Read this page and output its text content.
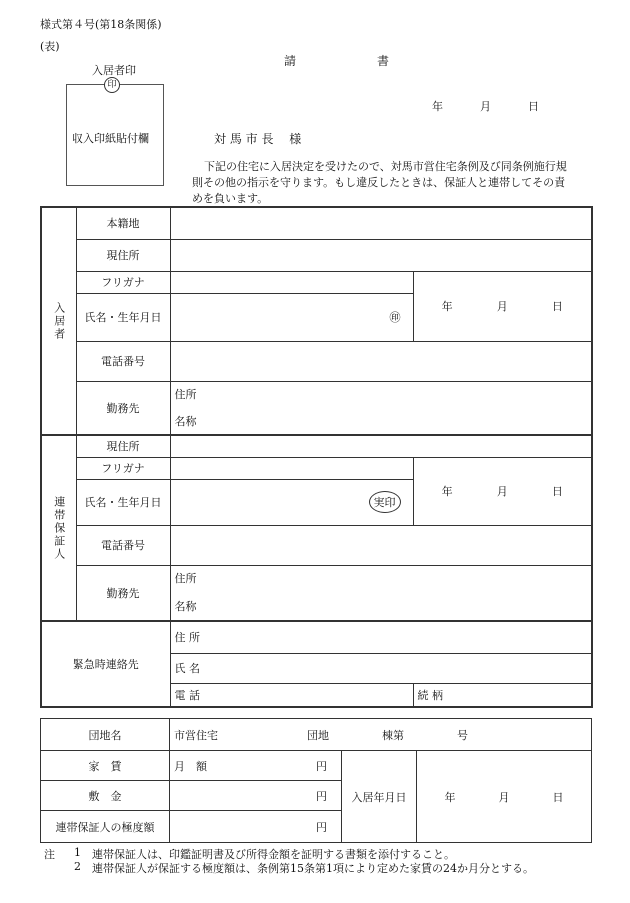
様式第４号(第18条関係)
(表)
請	書
入居者印
印
収入印紙貼付欄
年	月	日
対 馬 市 長　 様
下記の住宅に入居決定を受けたので、対馬市営住宅条例及び同条例施行規
則その他の指示を守ります。もし違反したときは、保証人と連帯してその責
めを負います。
入居者	本籍地		
	現住所		
	フリガナ		年 月 日

	氏名・生年月日	㊞	

	電話番号		
	勤務先	住所	
		名称	
連帯保証人	現住所		
	フリガナ		年 月 日

	氏名・生年月日	実印	

	電話番号		
	勤務先	住所	
		名称	
緊急時連絡先		住 所	
		氏 名	
		電 話	続 柄
団地名	市営住宅 団地 棟第 号		
家　賃	月　額 円	入居年月日	年 月 日

敷　金	円		

連帯保証人の極度額	円		
注 1 連帯保証人は、印鑑証明書及び所得金額を証明する書類を添付すること。
2 連帯保証人が保証する極度額は、条例第15条第1項により定めた家賃の24か月分とする。
